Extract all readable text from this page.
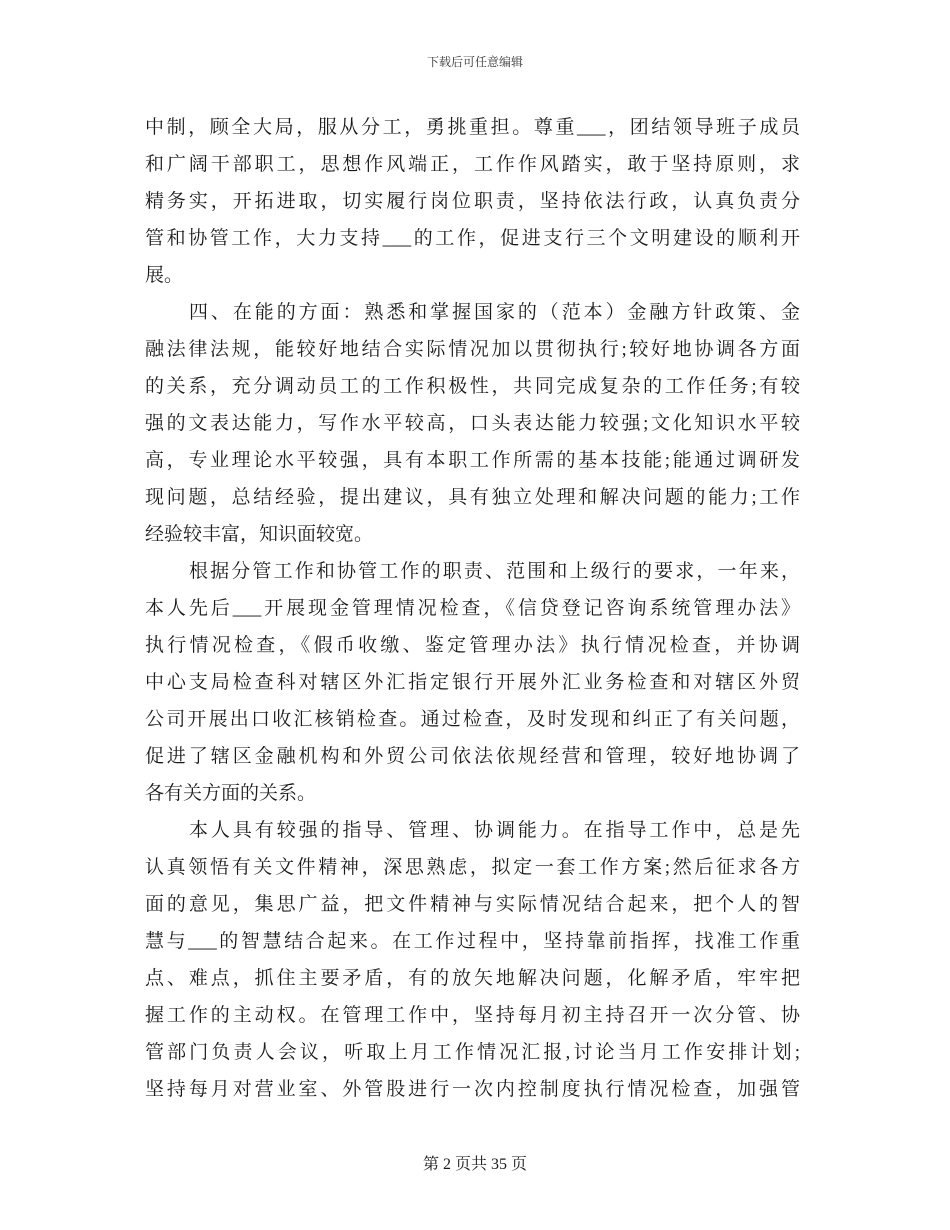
下载后可任意编辑
中制，顾全大局，服从分工，勇挑重担。尊重___，团结领导班子成员
和广阔干部职工，思想作风端正，工作作风踏实，敢于坚持原则，求
精务实，开拓进取，切实履行岗位职责，坚持依法行政，认真负责分
管和协管工作，大力支持___的工作，促进支行三个文明建设的顺利开
展。
四、在能的方面：熟悉和掌握国家的（范本）金融方针政策、金
融法律法规，能较好地结合实际情况加以贯彻执行;较好地协调各方面
的关系，充分调动员工的工作积极性，共同完成复杂的工作任务;有较
强的文表达能力，写作水平较高，口头表达能力较强;文化知识水平较
高，专业理论水平较强，具有本职工作所需的基本技能;能通过调研发
现问题，总结经验，提出建议，具有独立处理和解决问题的能力;工作
经验较丰富，知识面较宽。
根据分管工作和协管工作的职责、范围和上级行的要求，一年来，
本人先后___开展现金管理情况检查，《信贷登记咨询系统管理办法》
执行情况检查，《假币收缴、鉴定管理办法》执行情况检查，并协调
中心支局检查科对辖区外汇指定银行开展外汇业务检查和对辖区外贸
公司开展出口收汇核销检查。通过检查，及时发现和纠正了有关问题，
促进了辖区金融机构和外贸公司依法依规经营和管理，较好地协调了
各有关方面的关系。
本人具有较强的指导、管理、协调能力。在指导工作中，总是先
认真领悟有关文件精神，深思熟虑，拟定一套工作方案;然后征求各方
面的意见，集思广益，把文件精神与实际情况结合起来，把个人的智
慧与___的智慧结合起来。在工作过程中，坚持靠前指挥，找准工作重
点、难点，抓住主要矛盾，有的放矢地解决问题，化解矛盾，牢牢把
握工作的主动权。在管理工作中，坚持每月初主持召开一次分管、协
管部门负责人会议，听取上月工作情况汇报,讨论当月工作安排计划;
坚持每月对营业室、外管股进行一次内控制度执行情况检查，加强管
第 2 页共 35 页
